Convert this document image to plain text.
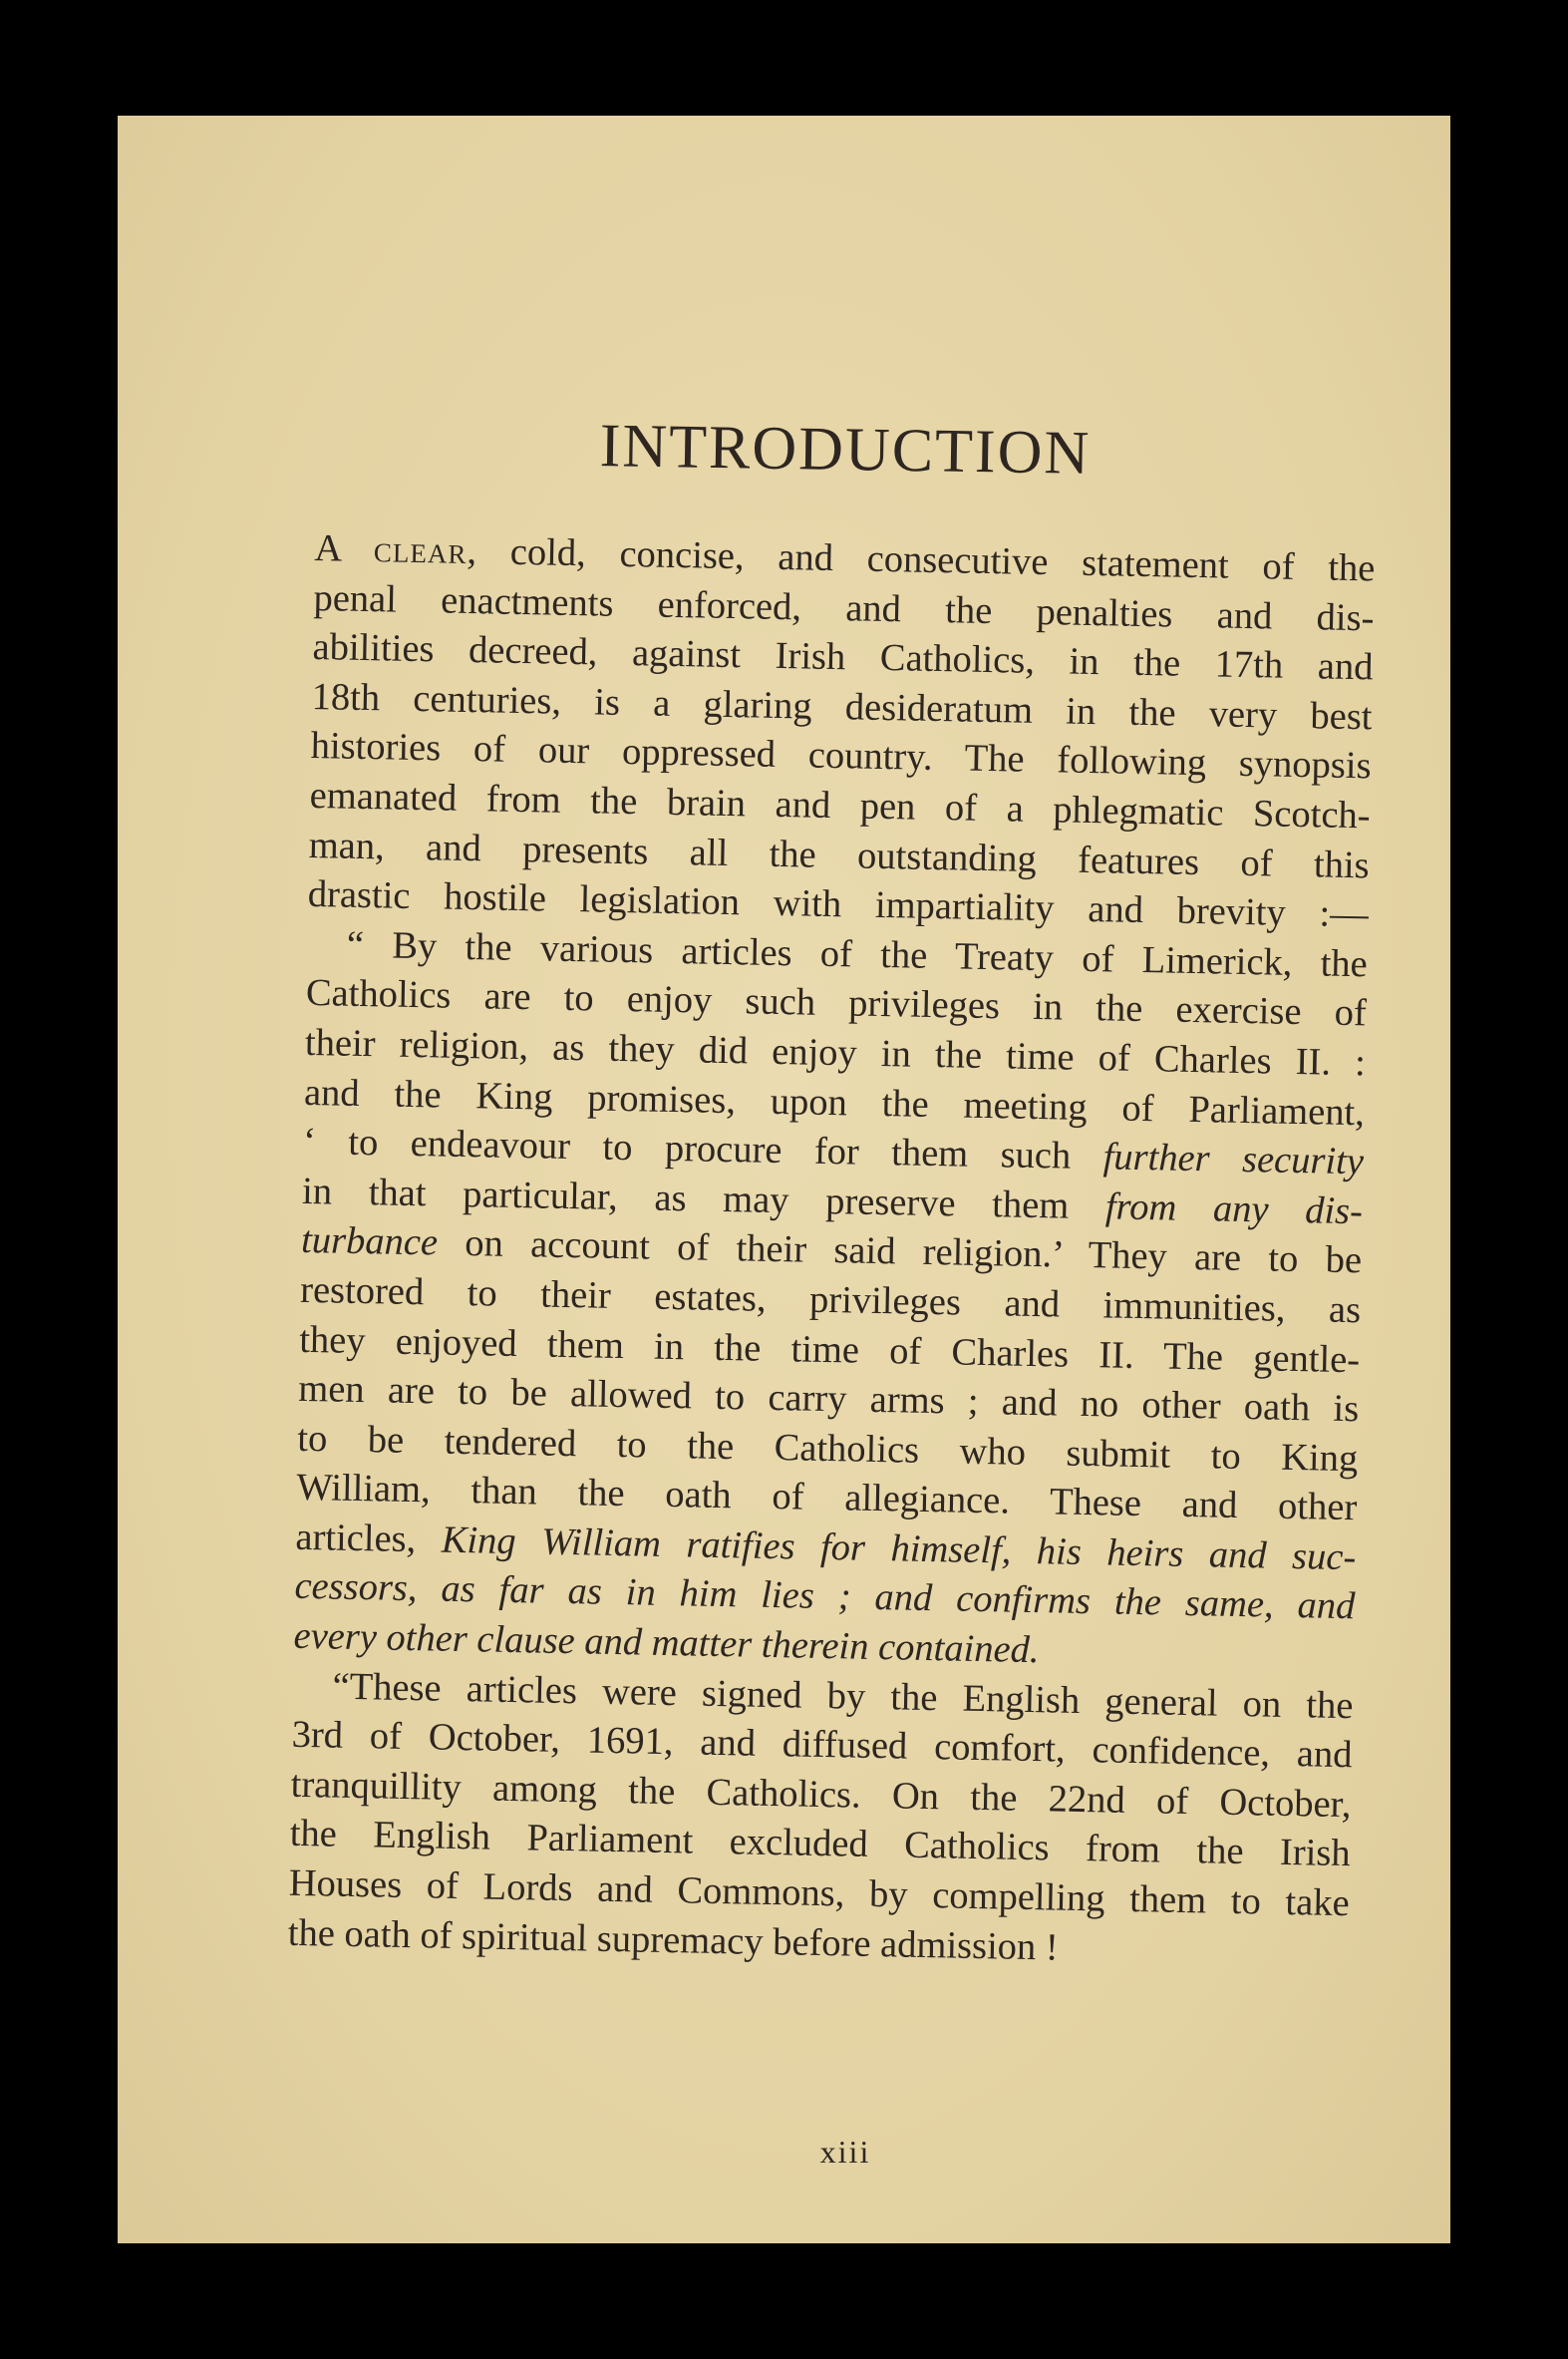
INTRODUCTION
A clear, cold, concise, and consecutive statement of the
penal enactments enforced, and the penalties and dis-
abilities decreed, against Irish Catholics, in the 17th and
18th centuries, is a glaring desideratum in the very best
histories of our oppressed country. The following synopsis
emanated from the brain and pen of a phlegmatic Scotch-
man, and presents all the outstanding features of this
drastic hostile legislation with impartiality and brevity :—
“ By the various articles of the Treaty of Limerick, the
Catholics are to enjoy such privileges in the exercise of
their religion, as they did enjoy in the time of Charles II. :
and the King promises, upon the meeting of Parliament,
‘ to endeavour to procure for them such further security
in that particular, as may preserve them from any dis-
turbance on account of their said religion.’ They are to be
restored to their estates, privileges and immunities, as
they enjoyed them in the time of Charles II. The gentle-
men are to be allowed to carry arms ; and no other oath is
to be tendered to the Catholics who submit to King
William, than the oath of allegiance. These and other
articles, King William ratifies for himself, his heirs and suc-
cessors, as far as in him lies ; and confirms the same, and
every other clause and matter therein contained.
“These articles were signed by the English general on the
3rd of October, 1691, and diffused comfort, confidence, and
tranquillity among the Catholics. On the 22nd of October,
the English Parliament excluded Catholics from the Irish
Houses of Lords and Commons, by compelling them to take
the oath of spiritual supremacy before admission !
xiii
